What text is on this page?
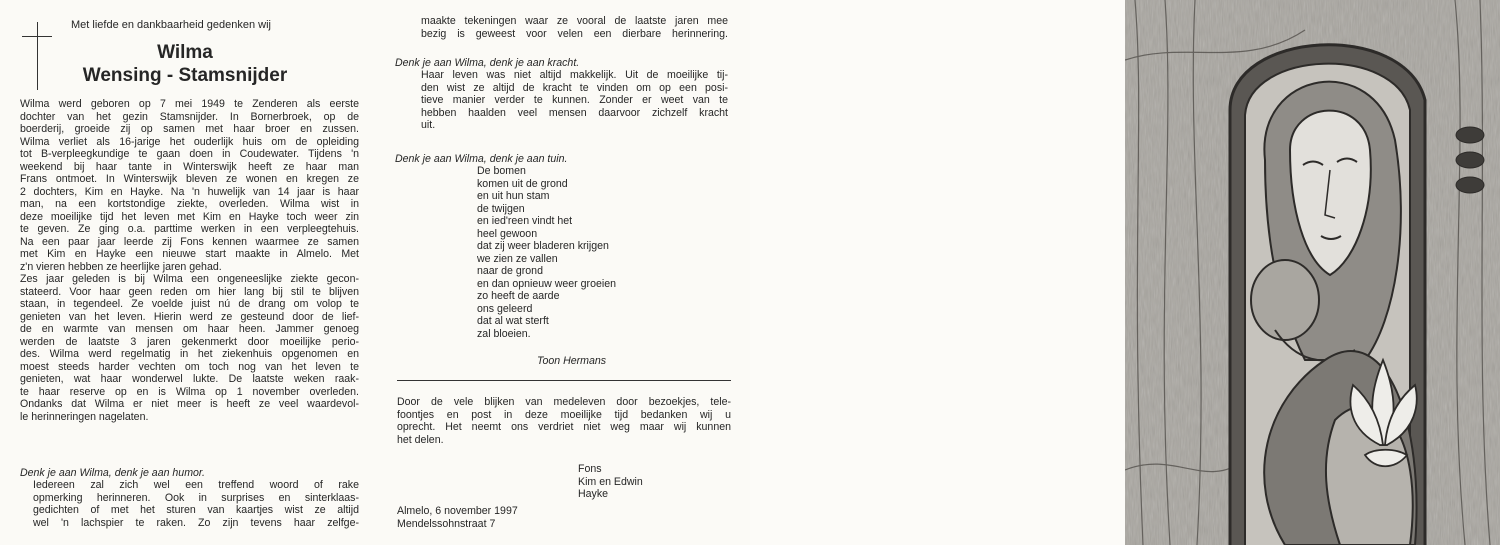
Met liefde en dankbaarheid gedenken wij
Wilma
Wensing - Stamsnijder
Wilma werd geboren op 7 mei 1949 te Zenderen als eerste
dochter van het gezin Stamsnijder. In Bornerbroek, op de
boerderij, groeide zij op samen met haar broer en zussen.
Wilma verliet als 16-jarige het ouderlijk huis om de opleiding
tot B-verpleegkundige te gaan doen in Coudewater. Tijdens 'n
weekend bij haar tante in Winterswijk heeft ze haar man
Frans ontmoet. In Winterswijk bleven ze wonen en kregen ze
2 dochters, Kim en Hayke. Na 'n huwelijk van 14 jaar is haar
man, na een kortstondige ziekte, overleden. Wilma wist in
deze moeilijke tijd het leven met Kim en Hayke toch weer zin
te geven. Ze ging o.a. parttime werken in een verpleegtehuis.
Na een paar jaar leerde zij Fons kennen waarmee ze samen
met Kim en Hayke een nieuwe start maakte in Almelo. Met
z'n vieren hebben ze heerlijke jaren gehad.
Zes jaar geleden is bij Wilma een ongeneeslijke ziekte gecon-
stateerd. Voor haar geen reden om hier lang bij stil te blijven
staan, in tegendeel. Ze voelde juist nú de drang om volop te
genieten van het leven. Hierin werd ze gesteund door de lief-
de en warmte van mensen om haar heen. Jammer genoeg
werden de laatste 3 jaren gekenmerkt door moeilijke perio-
des. Wilma werd regelmatig in het ziekenhuis opgenomen en
moest steeds harder vechten om toch nog van het leven te
genieten, wat haar wonderwel lukte. De laatste weken raak-
te haar reserve op en is Wilma op 1 november overleden.
Ondanks dat Wilma er niet meer is heeft ze veel waardevol-
le herinneringen nagelaten.
Denk je aan Wilma, denk je aan humor.
Iedereen zal zich wel een treffend woord of rake
opmerking herinneren. Ook in surprises en sinterklaas-
gedichten of met het sturen van kaartjes wist ze altijd
wel 'n lachspier te raken. Zo zijn tevens haar zelfge-
maakte tekeningen waar ze vooral de laatste jaren mee
bezig is geweest voor velen een dierbare herinnering.
Denk je aan Wilma, denk je aan kracht.
Haar leven was niet altijd makkelijk. Uit de moeilijke tij-
den wist ze altijd de kracht te vinden om op een posi-
tieve manier verder te kunnen. Zonder er weet van te
hebben haalden veel mensen daarvoor zichzelf kracht
uit.
Denk je aan Wilma, denk je aan tuin.
De bomen
komen uit de grond
en uit hun stam
de twijgen
en ied'reen vindt het
heel gewoon
dat zij weer bladeren krijgen
we zien ze vallen
naar de grond
en dan opnieuw weer groeien
zo heeft de aarde
ons geleerd
dat al wat sterft
zal bloeien.
Toon Hermans
Door de vele blijken van medeleven door bezoekjes, tele-
foontjes en post in deze moeilijke tijd bedanken wij u
oprecht. Het neemt ons verdriet niet weg maar wij kunnen
het delen.
Fons
Kim en Edwin
Hayke
Almelo, 6 november 1997
Mendelssohnstraat 7
